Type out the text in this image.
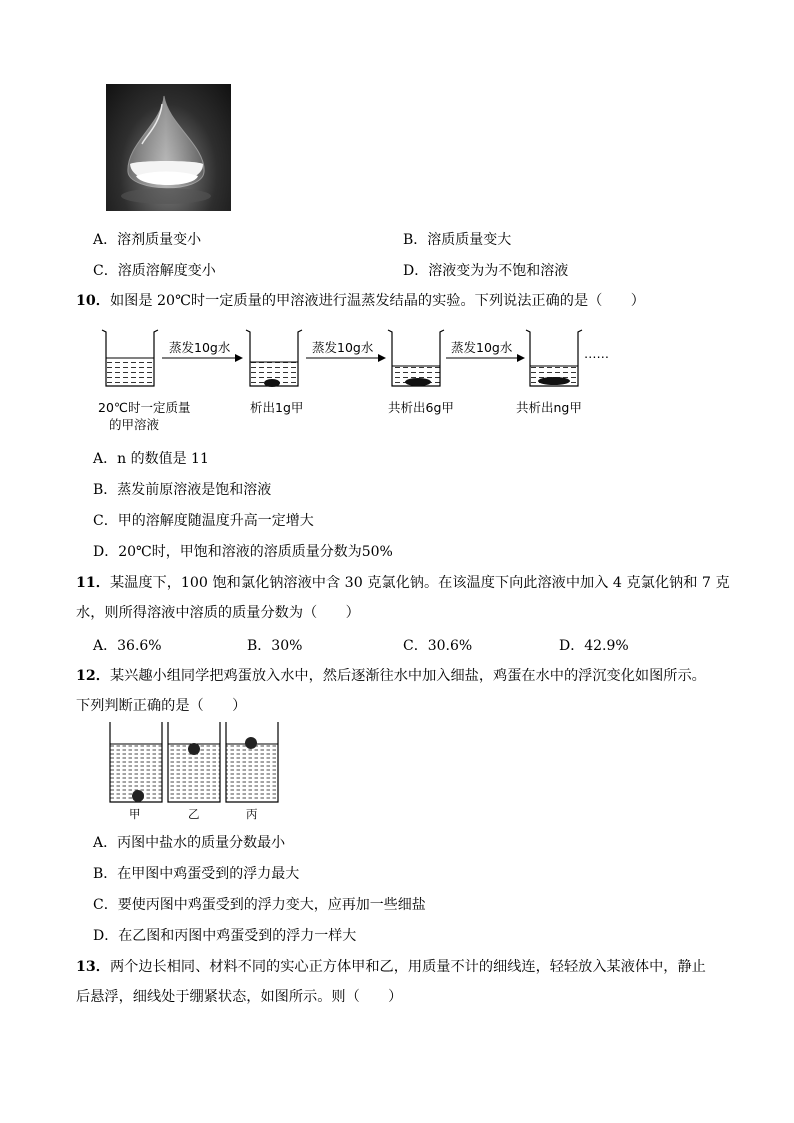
A．溶剂质量变小	B．溶质质量变大
C．溶质溶解度变小	D．溶液变为为不饱和溶液
10．如图是 20℃时一定质量的甲溶液进行温蒸发结晶的实验。下列说法正确的是（　　）
蒸发10g水	蒸发10g水	蒸发10g水	……
20℃时一定质量
的甲溶液
析出1g甲	共析出6g甲	共析出ng甲
A．n 的数值是 11
B．蒸发前原溶液是饱和溶液
C．甲的溶解度随温度升高一定增大
D．20℃时，甲饱和溶液的溶质质量分数为50%
11．某温度下，100 饱和氯化钠溶液中含 30 克氯化钠。在该温度下向此溶液中加入 4 克氯化钠和 7 克
水，则所得溶液中溶质的质量分数为（　　）
A．36.6%	B．30%	C．30.6%	D．42.9%
12．某兴趣小组同学把鸡蛋放入水中，然后逐渐往水中加入细盐，鸡蛋在水中的浮沉变化如图所示。
下列判断正确的是（　　）
甲	乙	丙
A．丙图中盐水的质量分数最小
B．在甲图中鸡蛋受到的浮力最大
C．要使丙图中鸡蛋受到的浮力变大，应再加一些细盐
D．在乙图和丙图中鸡蛋受到的浮力一样大
13．两个边长相同、材料不同的实心正方体甲和乙，用质量不计的细线连，轻轻放入某液体中，静止
后悬浮，细线处于绷紧状态，如图所示。则（　　）
